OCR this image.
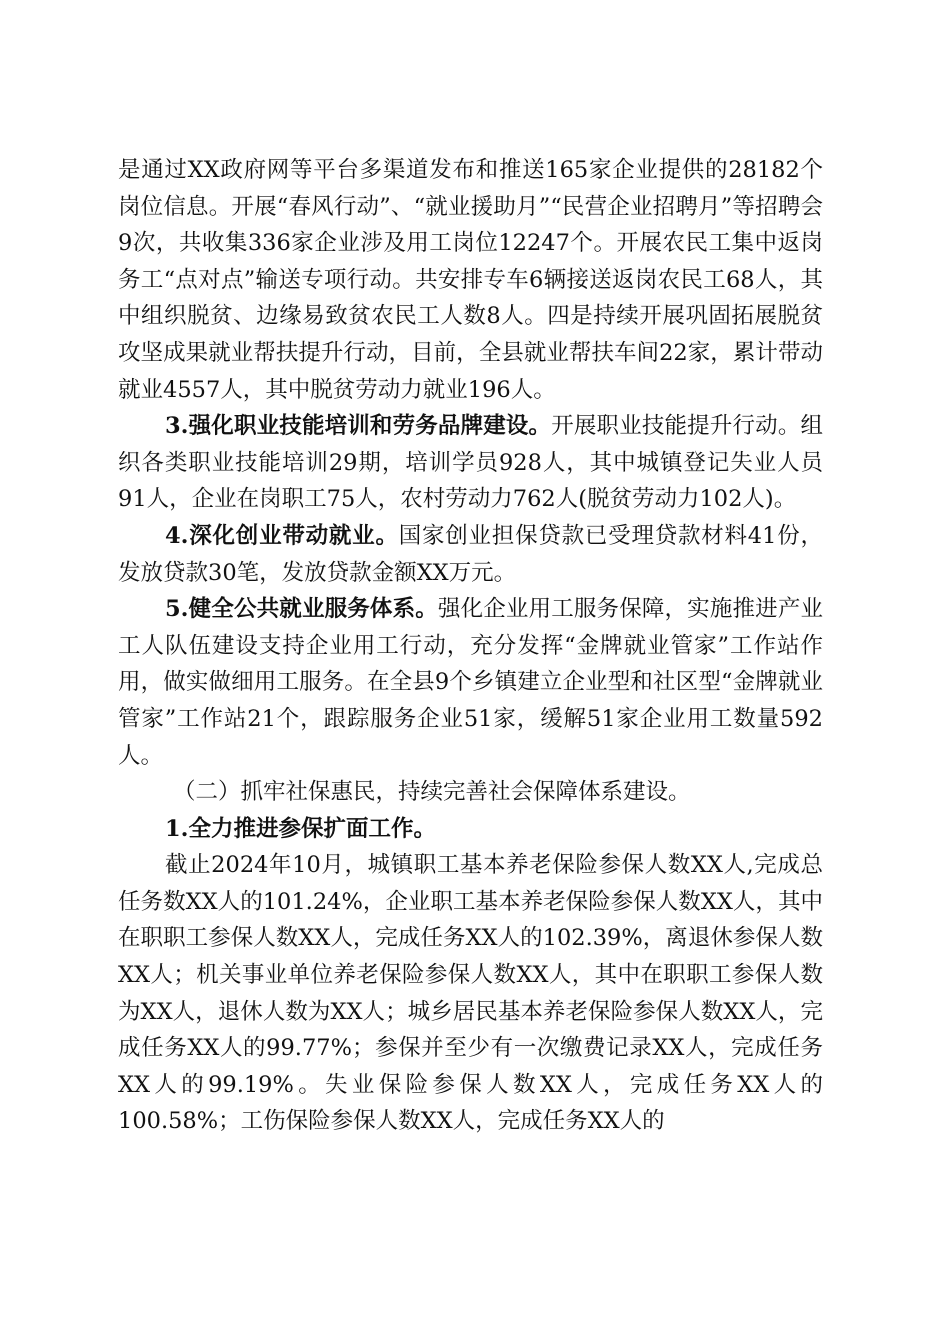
是通过XX政府网等平台多渠道发布和推送165家企业提供的28182个岗位信息。开展“春风行动”、“就业援助月”“民营企业招聘月”等招聘会9次，共收集336家企业涉及用工岗位12247个。开展农民工集中返岗务工“点对点”输送专项行动。共安排专车6辆接送返岗农民工68人，其中组织脱贫、边缘易致贫农民工人数8人。四是持续开展巩固拓展脱贫攻坚成果就业帮扶提升行动，目前，全县就业帮扶车间22家，累计带动就业4557人，其中脱贫劳动力就业196人。

3.强化职业技能培训和劳务品牌建设。开展职业技能提升行动。组织各类职业技能培训29期，培训学员928人，其中城镇登记失业人员91人，企业在岗职工75人，农村劳动力762人(脱贫劳动力102人)。

4.深化创业带动就业。国家创业担保贷款已受理贷款材料41份，发放贷款30笔，发放贷款金额XX万元。

5.健全公共就业服务体系。强化企业用工服务保障，实施推进产业工人队伍建设支持企业用工行动，充分发挥“金牌就业管家”工作站作用，做实做细用工服务。在全县9个乡镇建立企业型和社区型“金牌就业管家”工作站21个，跟踪服务企业51家，缓解51家企业用工数量592人。

（二）抓牢社保惠民，持续完善社会保障体系建设。

1.全力推进参保扩面工作。

截止2024年10月，城镇职工基本养老保险参保人数XX人,完成总任务数XX人的101.24%，企业职工基本养老保险参保人数XX人，其中在职职工参保人数XX人，完成任务XX人的102.39%，离退休参保人数XX人；机关事业单位养老保险参保人数XX人，其中在职职工参保人数为XX人，退休人数为XX人；城乡居民基本养老保险参保人数XX人，完成任务XX人的99.77%；参保并至少有一次缴费记录XX人，完成任务XX人的99.19%。失业保险参保人数XX人，完成任务XX人的100.58%；工伤保险参保人数XX人，完成任务XX人的
